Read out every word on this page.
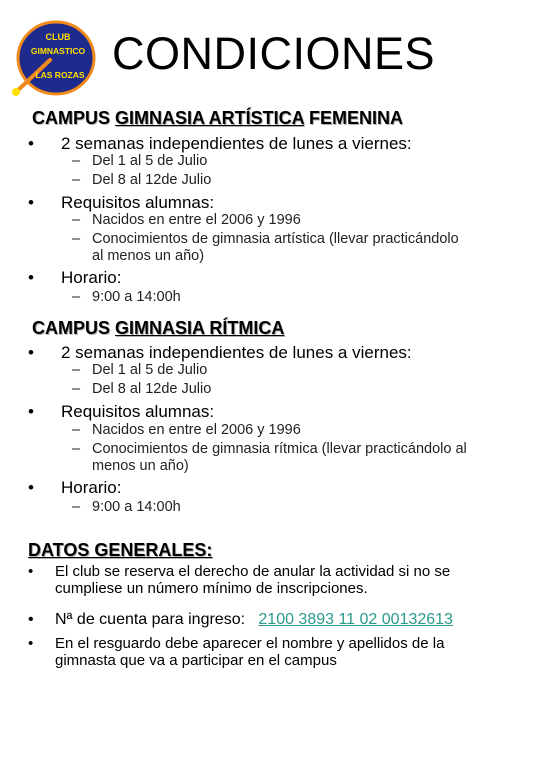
CLUB
GIMNASTICO
LAS ROZAS CONDICIONES
CAMPUS GIMNASIA ARTÍSTICA FEMENINA
• 2 semanas independientes de lunes a viernes:
– Del 1 al 5 de Julio
– Del 8 al 12de Julio
• Requisitos alumnas:
– Nacidos en entre el 2006 y 1996
– Conocimientos de gimnasia artística (llevar practicándolo
al menos un año)
• Horario:
– 9:00 a 14:00h
CAMPUS GIMNASIA RÍTMICA
• 2 semanas independientes de lunes a viernes:
– Del 1 al 5 de Julio
– Del 8 al 12de Julio
• Requisitos alumnas:
– Nacidos en entre el 2006 y 1996
– Conocimientos de gimnasia rítmica (llevar practicándolo al
menos un año)
• Horario:
– 9:00 a 14:00h
DATOS GENERALES:
• El club se reserva el derecho de anular la actividad si no se
cumpliese un número mínimo de inscripciones.
• Nª de cuenta para ingreso: 2100 3893 11 02 00132613
• En el resguardo debe aparecer el nombre y apellidos de la
gimnasta que va a participar en el campus
